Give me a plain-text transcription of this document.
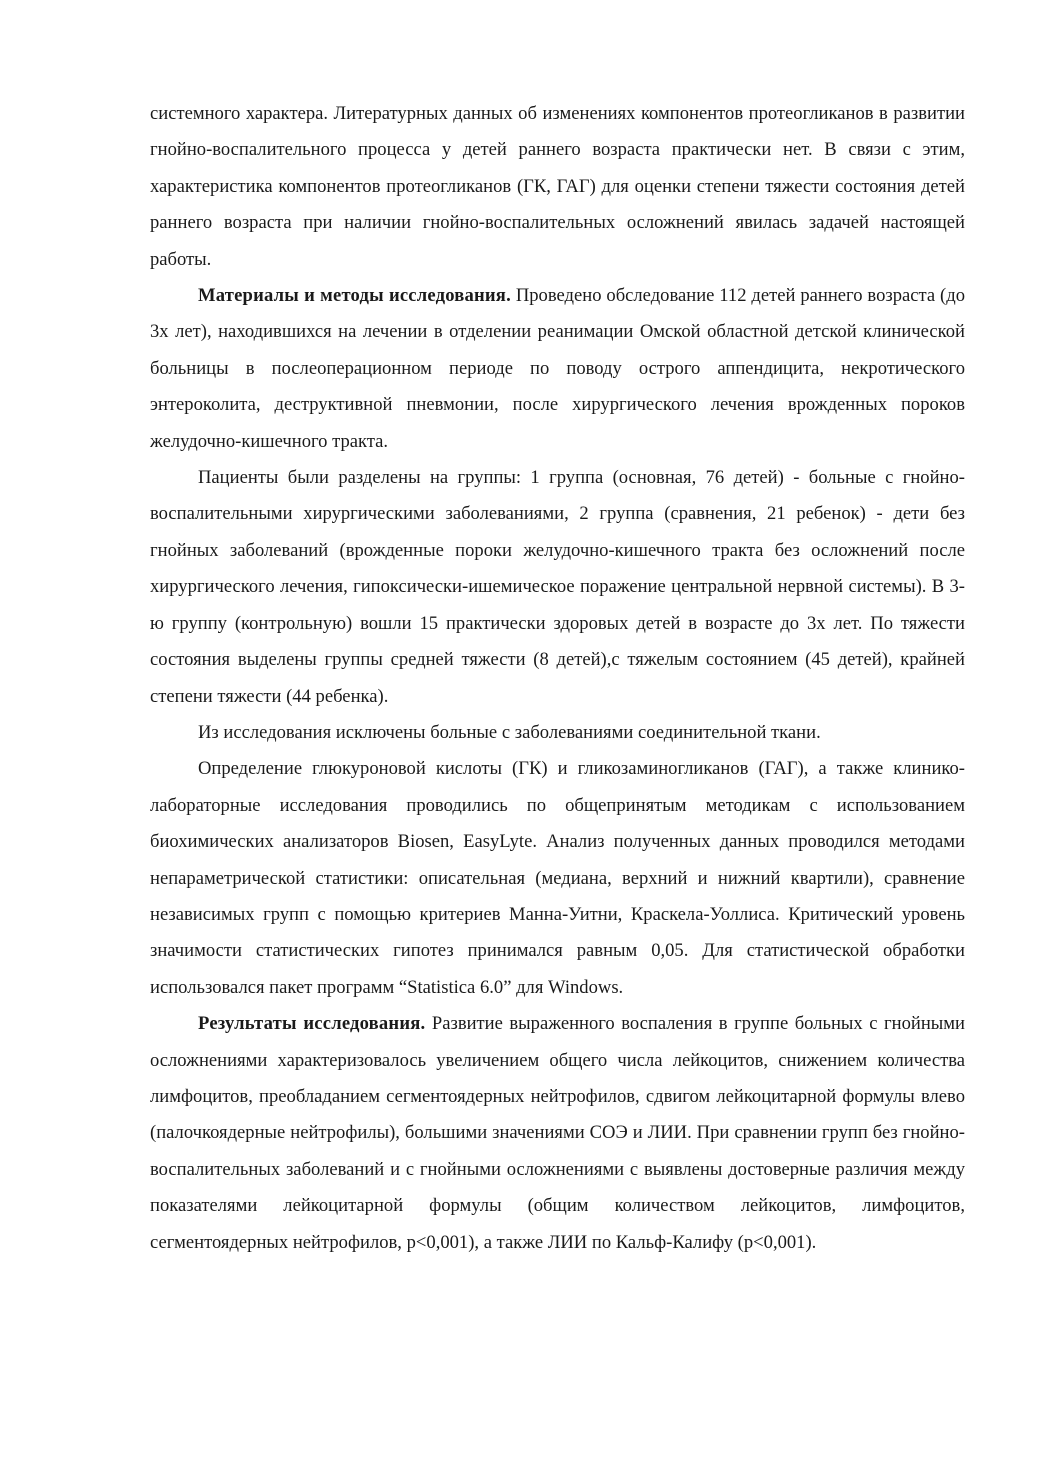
системного характера. Литературных данных об изменениях компонентов протеогликанов в развитии гнойно-воспалительного процесса у детей раннего возраста практически нет. В связи с этим, характеристика компонентов протеогликанов (ГК, ГАГ) для оценки степени тяжести состояния детей раннего возраста при наличии гнойно-воспалительных осложнений явилась задачей настоящей работы.

Материалы и методы исследования. Проведено обследование 112 детей раннего возраста (до 3х лет), находившихся на лечении в отделении реанимации Омской областной детской клинической больницы в послеоперационном периоде по поводу острого аппендицита, некротического энтероколита, деструктивной пневмонии, после хирургического лечения врожденных пороков желудочно-кишечного тракта.

Пациенты были разделены на группы: 1 группа (основная, 76 детей) - больные с гнойно-воспалительными хирургическими заболеваниями, 2 группа (сравнения, 21 ребенок) - дети без гнойных заболеваний (врожденные пороки желудочно-кишечного тракта без осложнений после хирургического лечения, гипоксически-ишемическое поражение центральной нервной системы). В 3-ю группу (контрольную) вошли 15 практически здоровых детей в возрасте до 3х лет. По тяжести состояния выделены группы средней тяжести (8 детей),с тяжелым состоянием (45 детей), крайней степени тяжести (44 ребенка).

Из исследования исключены больные с заболеваниями соединительной ткани.

Определение глюкуроновой кислоты (ГК) и гликозаминогликанов (ГАГ), а также клинико-лабораторные исследования проводились по общепринятым методикам с использованием биохимических анализаторов Biosen, EasyLyte. Анализ полученных данных проводился методами непараметрической статистики: описательная (медиана, верхний и нижний квартили), сравнение независимых групп с помощью критериев Манна-Уитни, Краскела-Уоллиса. Критический уровень значимости статистических гипотез принимался равным 0,05. Для статистической обработки использовался пакет программ “Statistica 6.0” для Windows.

Результаты исследования. Развитие выраженного воспаления в группе больных с гнойными осложнениями характеризовалось увеличением общего числа лейкоцитов, снижением количества лимфоцитов, преобладанием сегментоядерных нейтрофилов, сдвигом лейкоцитарной формулы влево (палочкоядерные нейтрофилы), большими значениями СОЭ и ЛИИ. При сравнении групп без гнойно-воспалительных заболеваний и с гнойными осложнениями с выявлены достоверные различия между показателями лейкоцитарной формулы (общим количеством лейкоцитов, лимфоцитов, сегментоядерных нейтрофилов, p<0,001), а также ЛИИ по Кальф-Калифу (p<0,001).
